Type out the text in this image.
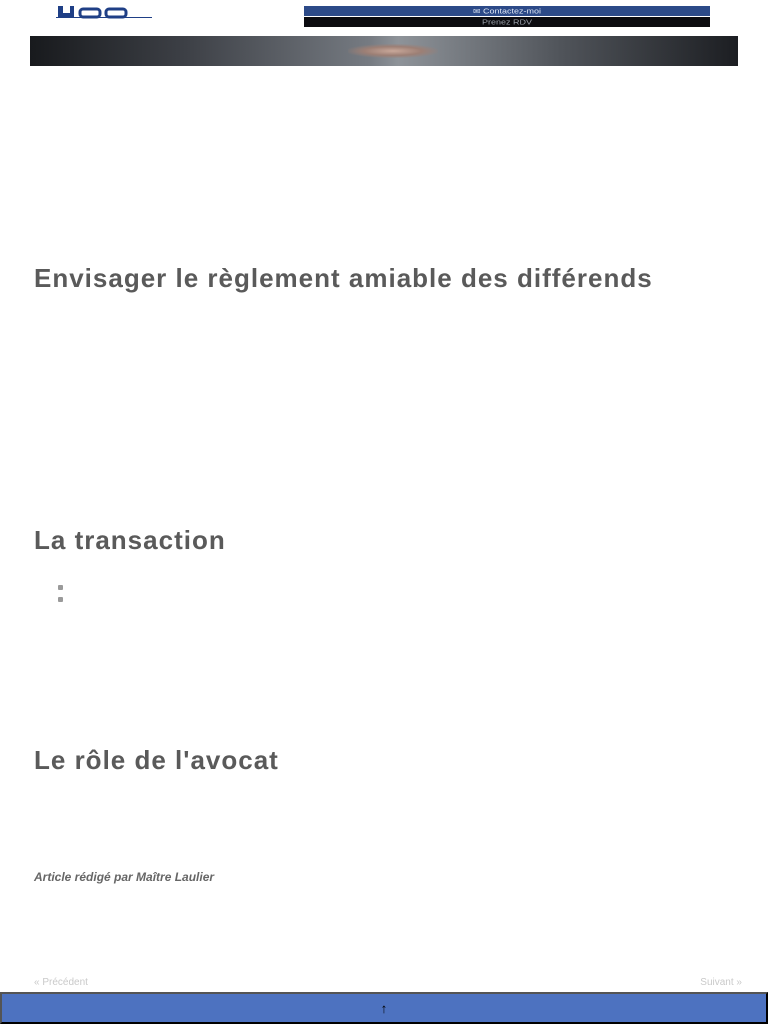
✉ Contactez-moi
Prenez RDV

Envisager le règlement amiable des différends

La transaction

Le rôle de l'avocat

Article rédigé par Maître Laulier
« Précédent	Suivant »
↑
